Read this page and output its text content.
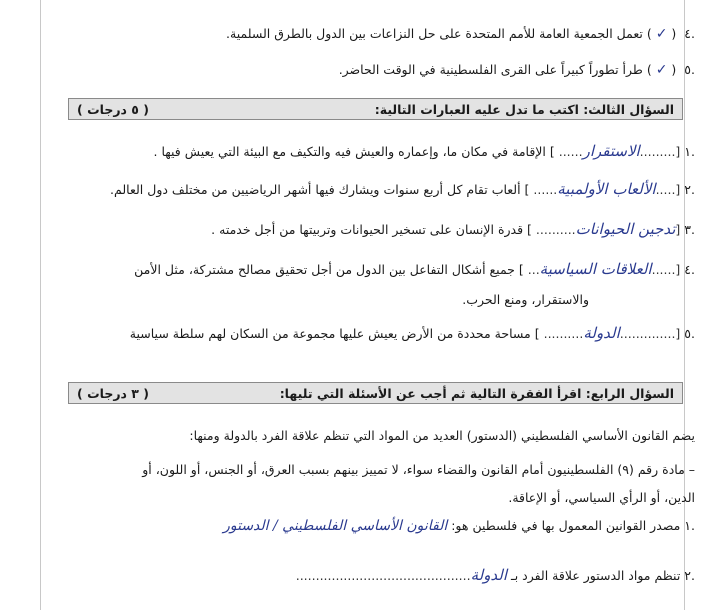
.٤ (✓ ) تعمل الجمعية العامة للأمم المتحدة على حل النزاعات بين الدول بالطرق السلمية.
.٥ (✓ ) طرأ تطوراً كبيراً على القرى الفلسطينية في الوقت الحاضر.
السؤال الثالث: اكتب ما تدل عليه العبارات التالية:
( ٥ درجات )
.١ [.........الاستقرار...... ] الإقامة في مكان ما، وإعماره والعيش فيه والتكيف مع البيئة التي يعيش فيها .
.٢ [.....الألعاب الأولمبية...... ] ألعاب تقام كل أربع سنوات ويشارك فيها أشهر الرياضيين من مختلف دول العالم.
.٣ [تدجين الحيوانات.......... ] قدرة الإنسان على تسخير الحيوانات وتربيتها من أجل خدمته .
.٤ [......العلاقات السياسية... ] جميع أشكال التفاعل بين الدول من أجل تحقيق مصالح مشتركة، مثل الأمن
والاستقرار، ومنع الحرب.
.٥ [..............الدولة.......... ] مساحة محددة من الأرض يعيش عليها مجموعة من السكان لهم سلطة سياسية
السؤال الرابع: اقرأ الفقرة التالية ثم أجب عن الأسئلة التي تليها:
( ٣ درجات )
يضم القانون الأساسي الفلسطيني (الدستور) العديد من المواد التي تنظم علاقة الفرد بالدولة ومنها:
– مادة رقم (٩) الفلسطينيون أمام القانون والقضاء سواء، لا تمييز بينهم بسبب العرق، أو الجنس، أو اللون، أو
الدين، أو الرأي السياسي، أو الإعاقة.
.١ مصدر القوانين المعمول بها في فلسطين هو: القانون الأساسي الفلسطيني / الدستور
.٢ تنظم مواد الدستور علاقة الفرد بـ الدولة............................................
